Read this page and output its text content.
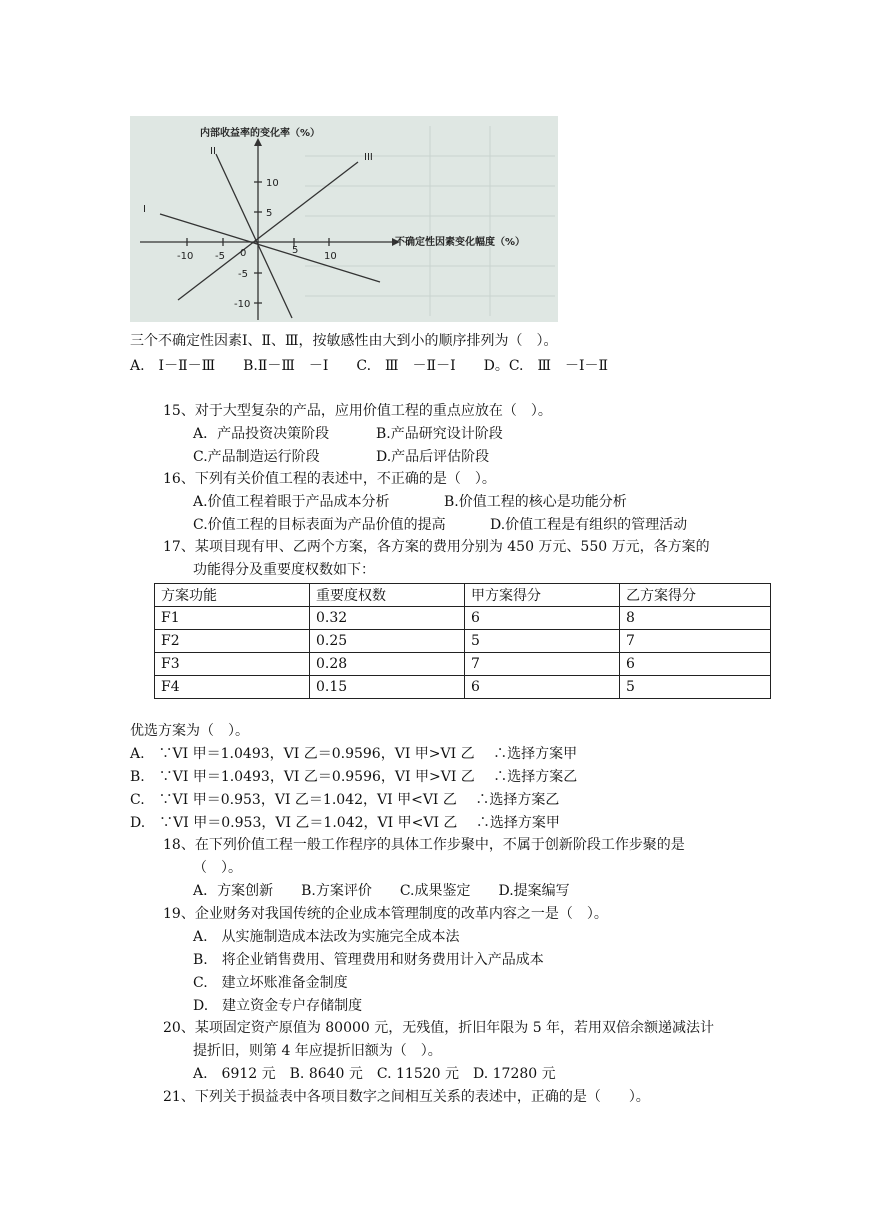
内部收益率的变化率（%）
不确定性因素变化幅度（%）
-10 -5
5
10
10
5
-5
-10
0
I
II
III
三个不确定性因素Ⅰ、Ⅱ、Ⅲ，按敏感性由大到小的顺序排列为（　）。
A.　Ⅰ－Ⅱ－Ⅲ　　B.Ⅱ－Ⅲ　－Ⅰ　　C.　Ⅲ　－Ⅱ－Ⅰ　　D。C.　Ⅲ　－Ⅰ－Ⅱ
15、对于大型复杂的产品，应用价值工程的重点应放在（　）。
A．产品投资决策阶段	B.产品研究设计阶段
C.产品制造运行阶段	D.产品后评估阶段
16、下列有关价值工程的表述中，不正确的是（　）。
A.价值工程着眼于产品成本分析	B.价值工程的核心是功能分析
C.价值工程的目标表面为产品价值的提高	D.价值工程是有组织的管理活动
17、某项目现有甲、乙两个方案，各方案的费用分别为 450 万元、550 万元，各方案的
功能得分及重要度权数如下：
方案功能	重要度权数	甲方案得分	乙方案得分
F1	0.32	6	8
F2	0.25	5	7
F3	0.28	7	6
F4	0.15	6	5
优选方案为（　）。
A.　∵VI 甲＝1.0493，VI 乙＝0.9596，VI 甲>VI 乙　 ∴选择方案甲
B.　∵VI 甲＝1.0493，VI 乙＝0.9596，VI 甲>VI 乙　 ∴选择方案乙
C.　∵VI 甲＝0.953，VI 乙＝1.042，VI 甲<VI 乙　 ∴选择方案乙
D.　∵VI 甲＝0.953，VI 乙＝1.042，VI 甲<VI 乙　 ∴选择方案甲
18、在下列价值工程一般工作程序的具体工作步聚中，不属于创新阶段工作步聚的是
（　）。
A．方案创新　　B.方案评价　　C.成果鉴定　　D.提案编写
19、企业财务对我国传统的企业成本管理制度的改革内容之一是（　）。
A.　从实施制造成本法改为实施完全成本法
B.　将企业销售费用、管理费用和财务费用计入产品成本
C.　建立坏账准备金制度
D.　建立资金专户存储制度
20、某项固定资产原值为 80000 元，无残值，折旧年限为 5 年，若用双倍余额递减法计
提折旧，则第 4 年应提折旧额为（　）。
A.　6912 元　B. 8640 元　C. 11520 元　D. 17280 元
21、下列关于损益表中各项目数字之间相互关系的表述中，正确的是（　　）。
